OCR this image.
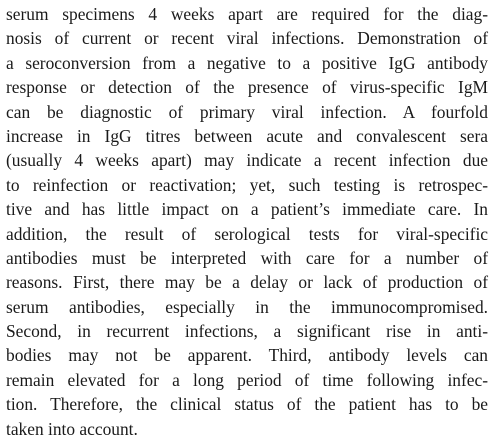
serum specimens 4 weeks apart are required for the diag-
nosis of current or recent viral infections. Demonstration of
a seroconversion from a negative to a positive IgG antibody
response or detection of the presence of virus-specific IgM
can be diagnostic of primary viral infection. A fourfold
increase in IgG titres between acute and convalescent sera
(usually 4 weeks apart) may indicate a recent infection due
to reinfection or reactivation; yet, such testing is retrospec-
tive and has little impact on a patient’s immediate care. In
addition, the result of serological tests for viral-specific
antibodies must be interpreted with care for a number of
reasons. First, there may be a delay or lack of production of
serum antibodies, especially in the immunocompromised.
Second, in recurrent infections, a significant rise in anti-
bodies may not be apparent. Third, antibody levels can
remain elevated for a long period of time following infec-
tion. Therefore, the clinical status of the patient has to be
taken into account.
